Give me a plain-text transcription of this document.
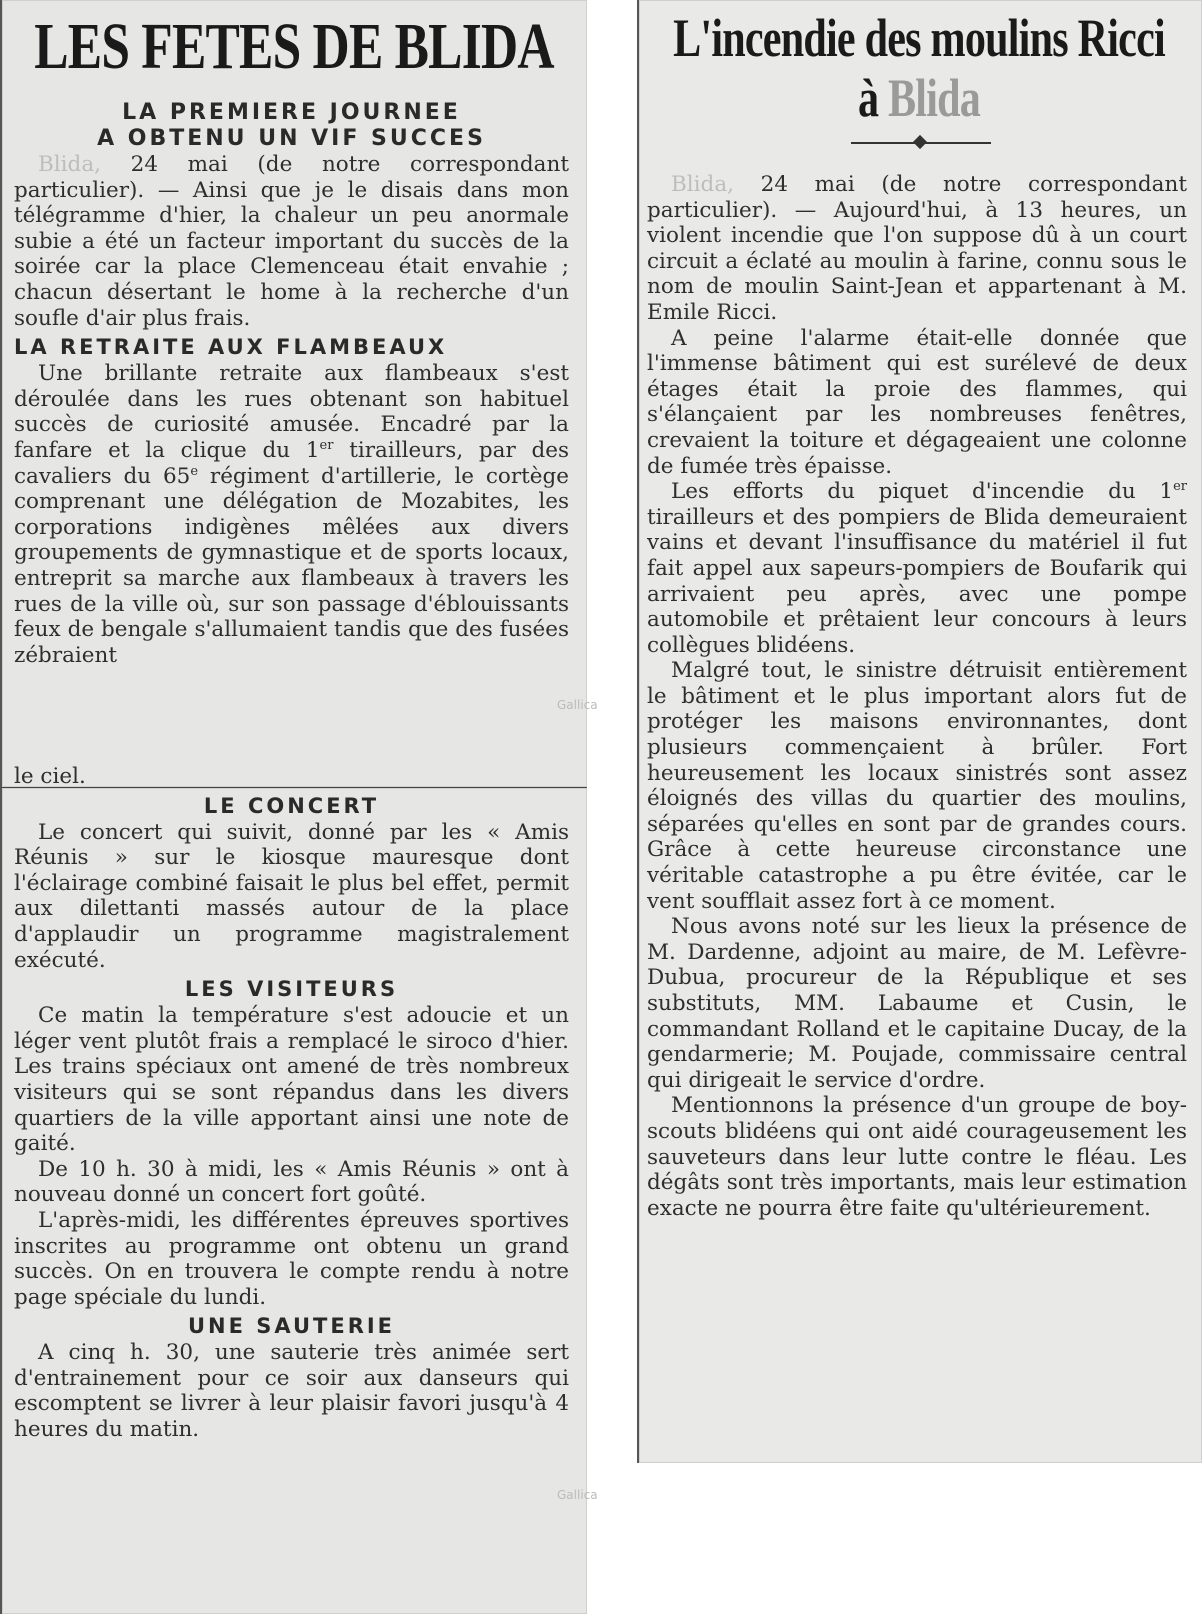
LES FETES DE BLIDA

LA PREMIERE JOURNEE

A OBTENU UN VIF SUCCES

Blida, 24 mai (de notre correspondant particulier). — Ainsi que je le disais dans mon télégramme d'hier, la chaleur un peu anormale subie a été un facteur important du succès de la soirée car la place Clemenceau était envahie ; chacun désertant le home à la recherche d'un soufle d'air plus frais.

LA RETRAITE AUX FLAMBEAUX

Une brillante retraite aux flambeaux s'est déroulée dans les rues obtenant son habituel succès de curiosité amusée. Encadré par la fanfare et la clique du 1er tirailleurs, par des cavaliers du 65e régiment d'artillerie, le cortège comprenant une délégation de Mozabites, les corporations indigènes mêlées aux divers groupements de gymnastique et de sports locaux, entreprit sa marche aux flambeaux à travers les rues de la ville où, sur son passage d'éblouissants feux de bengale s'allumaient tandis que des fusées zébraient

Gallica

le ciel.

LE CONCERT

Le concert qui suivit, donné par les « Amis Réunis » sur le kiosque mauresque dont l'éclairage combiné faisait le plus bel effet, permit aux dilettanti massés autour de la place d'applaudir un programme magistralement exécuté.

LES VISITEURS

Ce matin la température s'est adoucie et un léger vent plutôt frais a remplacé le siroco d'hier. Les trains spéciaux ont amené de très nombreux visiteurs qui se sont répandus dans les divers quartiers de la ville apportant ainsi une note de gaité.

De 10 h. 30 à midi, les « Amis Réunis » ont à nouveau donné un concert fort goûté.

L'après-midi, les différentes épreuves sportives inscrites au programme ont obtenu un grand succès. On en trouvera le compte rendu à notre page spéciale du lundi.

UNE SAUTERIE

A cinq h. 30, une sauterie très animée sert d'entrainement pour ce soir aux danseurs qui escomptent se livrer à leur plaisir favori jusqu'à 4 heures du matin.

Gallica
L'incendie des moulins Ricci
à Blida

Blida, 24 mai (de notre correspondant particulier). — Aujourd'hui, à 13 heures, un violent incendie que l'on suppose dû à un court circuit a éclaté au moulin à farine, connu sous le nom de moulin Saint-Jean et appartenant à M. Emile Ricci.

A peine l'alarme était-elle donnée que l'immense bâtiment qui est surélevé de deux étages était la proie des flammes, qui s'élançaient par les nombreuses fenêtres, crevaient la toiture et dégageaient une colonne de fumée très épaisse.

Les efforts du piquet d'incendie du 1er tirailleurs et des pompiers de Blida demeuraient vains et devant l'insuffisance du matériel il fut fait appel aux sapeurs-pompiers de Boufarik qui arrivaient peu après, avec une pompe automobile et prêtaient leur concours à leurs collègues blidéens.

Malgré tout, le sinistre détruisit entièrement le bâtiment et le plus important alors fut de protéger les maisons environnantes, dont plusieurs commençaient à brûler. Fort heureusement les locaux sinistrés sont assez éloignés des villas du quartier des moulins, séparées qu'elles en sont par de grandes cours. Grâce à cette heureuse circonstance une véritable catastrophe a pu être évitée, car le vent soufflait assez fort à ce moment.

Nous avons noté sur les lieux la présence de M. Dardenne, adjoint au maire, de M. Lefèvre-Dubua, procureur de la République et ses substituts, MM. Labaume et Cusin, le commandant Rolland et le capitaine Ducay, de la gendarmerie; M. Poujade, commissaire central qui dirigeait le service d'ordre.

Mentionnons la présence d'un groupe de boy-scouts blidéens qui ont aidé courageusement les sauveteurs dans leur lutte contre le fléau. Les dégâts sont très importants, mais leur estimation exacte ne pourra être faite qu'ultérieurement.
